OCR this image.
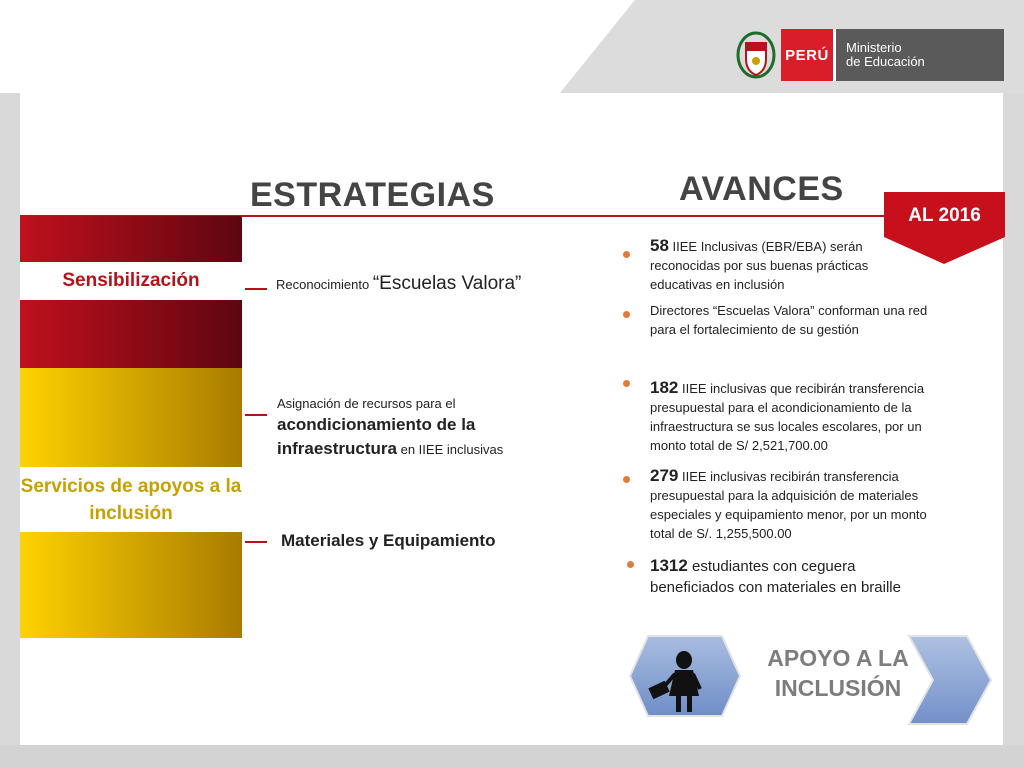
PERÚ	Ministerio
de Educación
ESTRATEGIAS	AVANCES
AL 2016
Sensibilización
Servicios de apoyos a la inclusión
Reconocimiento “Escuelas Valora”
Asignación de recursos para el
acondicionamiento de la infraestructura en IIEE inclusivas
Materiales y Equipamiento
58 IIEE Inclusivas (EBR/EBA) serán reconocidas por sus buenas prácticas educativas en inclusión
Directores “Escuelas Valora” conforman una red para el fortalecimiento de su gestión
182 IIEE inclusivas que recibirán transferencia presupuestal para el acondicionamiento de la infraestructura se sus locales escolares, por un monto total de S/ 2,521,700.00
279 IIEE inclusivas recibirán transferencia presupuestal para la adquisición de materiales especiales y equipamiento menor, por un monto total de S/. 1,255,500.00
1312 estudiantes con ceguera beneficiados con materiales en braille
APOYO A LA
INCLUSIÓN
